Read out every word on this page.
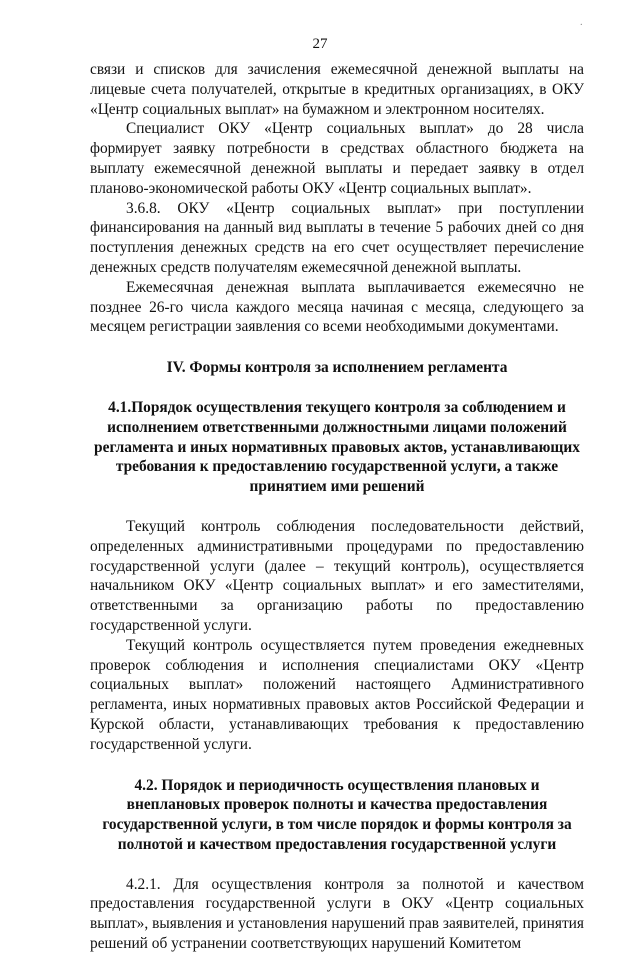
·
27

связи и списков для зачисления ежемесячной денежной выплаты на лицевые счета получателей, открытые в кредитных организациях, в ОКУ «Центр социальных выплат» на бумажном и электронном носителях.

Специалист ОКУ «Центр социальных выплат» до 28 числа формирует заявку потребности в средствах областного бюджета на выплату ежемесячной денежной выплаты и передает заявку в отдел планово-экономической работы ОКУ «Центр социальных выплат».

3.6.8. ОКУ «Центр социальных выплат» при поступлении финансирования на данный вид выплаты в течение 5 рабочих дней со дня поступления денежных средств на его счет осуществляет перечисление денежных средств получателям ежемесячной денежной выплаты.

Ежемесячная денежная выплата выплачивается ежемесячно не позднее 26-го числа каждого месяца начиная с месяца, следующего за месяцем регистрации заявления со всеми необходимыми документами.

IV. Формы контроля за исполнением регламента
4.1.Порядок осуществления текущего контроля за соблюдением и исполнением ответственными должностными лицами положений регламента и иных нормативных правовых актов, устанавливающих требования к предоставлению государственной услуги, а также принятием ими решений

Текущий контроль соблюдения последовательности действий, определенных административными процедурами по предоставлению государственной услуги (далее – текущий контроль), осуществляется начальником ОКУ «Центр социальных выплат» и его заместителями, ответственными за организацию работы по предоставлению государственной услуги.

Текущий контроль осуществляется путем проведения ежедневных проверок соблюдения и исполнения специалистами ОКУ «Центр социальных выплат» положений настоящего Административного регламента, иных нормативных правовых актов Российской Федерации и Курской области, устанавливающих требования к предоставлению государственной услуги.

4.2. Порядок и периодичность осуществления плановых и внеплановых проверок полноты и качества предоставления государственной услуги, в том числе порядок и формы контроля за полнотой и качеством предоставления государственной услуги

4.2.1. Для осуществления контроля за полнотой и качеством предоставления государственной услуги в ОКУ «Центр социальных выплат», выявления и установления нарушений прав заявителей, принятия решений об устранении соответствующих нарушений Комитетом
